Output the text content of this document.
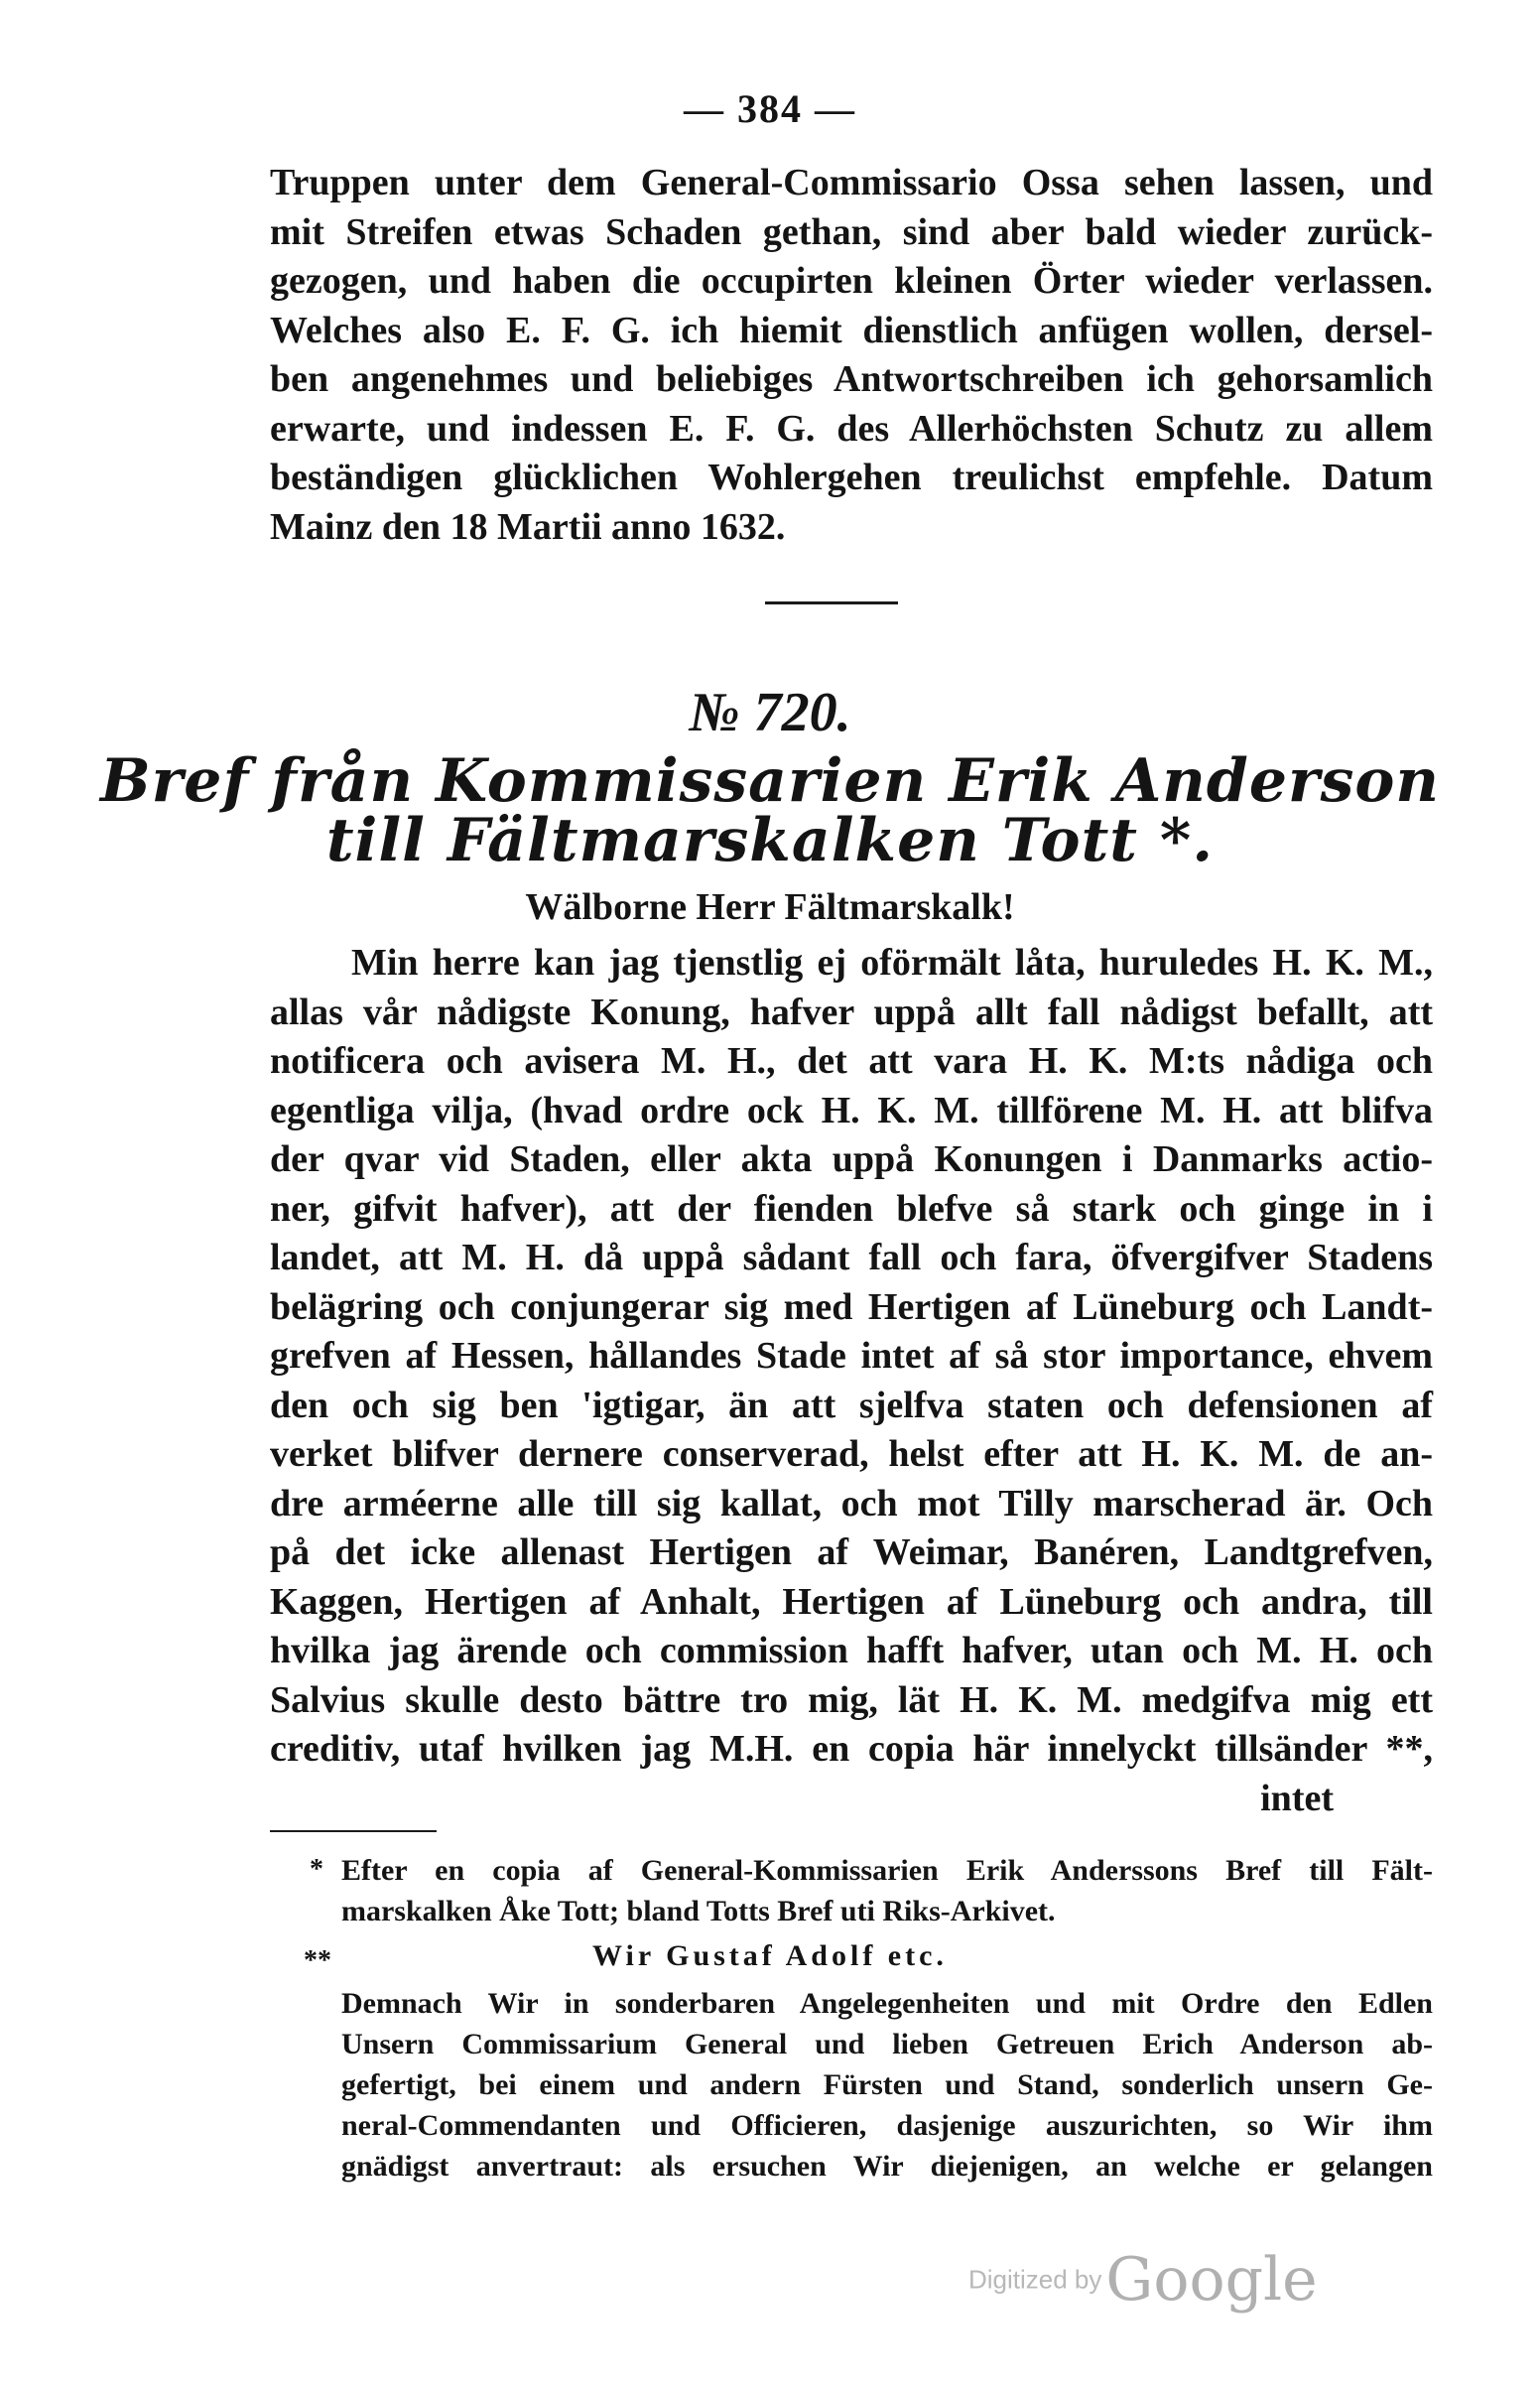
— 384 —
Truppen unter dem General-Commissario Ossa sehen lassen, und
mit Streifen etwas Schaden gethan, sind aber bald wieder zurück-
gezogen, und haben die occupirten kleinen Örter wieder verlassen.
Welches also E. F. G. ich hiemit dienstlich anfügen wollen, dersel-
ben angenehmes und beliebiges Antwortschreiben ich gehorsamlich
erwarte, und indessen E. F. G. des Allerhöchsten Schutz zu allem
beständigen glücklichen Wohlergehen treulichst empfehle. Datum
Mainz den 18 Martii anno 1632.
№ 720.
Bref från Kommissarien Erik Anderson
till Fältmarskalken Tott *.
Wälborne Herr Fältmarskalk!
Min herre kan jag tjenstlig ej oförmält låta, huruledes H. K. M.,
allas vår nådigste Konung, hafver uppå allt fall nådigst befallt, att
notificera och avisera M. H., det att vara H. K. M:ts nådiga och
egentliga vilja, (hvad ordre ock H. K. M. tillförene M. H. att blifva
der qvar vid Staden, eller akta uppå Konungen i Danmarks actio-
ner, gifvit hafver), att der fienden blefve så stark och ginge in i
landet, att M. H. då uppå sådant fall och fara, öfvergifver Stadens
belägring och conjungerar sig med Hertigen af Lüneburg och Landt-
grefven af Hessen, hållandes Stade intet af så stor importance, ehvem
den och sig ben 'igtigar, än att sjelfva staten och defensionen af
verket blifver dernere conserverad, helst efter att H. K. M. de an-
dre arméerne alle till sig kallat, och mot Tilly marscherad är. Och
på det icke allenast Hertigen af Weimar, Banéren, Landtgrefven,
Kaggen, Hertigen af Anhalt, Hertigen af Lüneburg och andra, till
hvilka jag ärende och commission hafft hafver, utan och M. H. och
Salvius skulle desto bättre tro mig, lät H. K. M. medgifva mig ett
creditiv, utaf hvilken jag M.H. en copia här innelyckt tillsänder **,
intet
* Efter en copia af General-Kommissarien Erik Anderssons Bref till Fält-
marskalken Åke Tott; bland Totts Bref uti Riks-Arkivet.
**	Wir Gustaf Adolf etc.
Demnach Wir in sonderbaren Angelegenheiten und mit Ordre den Edlen
Unsern Commissarium General und lieben Getreuen Erich Anderson ab-
gefertigt, bei einem und andern Fürsten und Stand, sonderlich unsern Ge-
neral-Commendanten und Officieren, dasjenige auszurichten, so Wir ihm
gnädigst anvertraut: als ersuchen Wir diejenigen, an welche er gelangen
Digitized by Google
